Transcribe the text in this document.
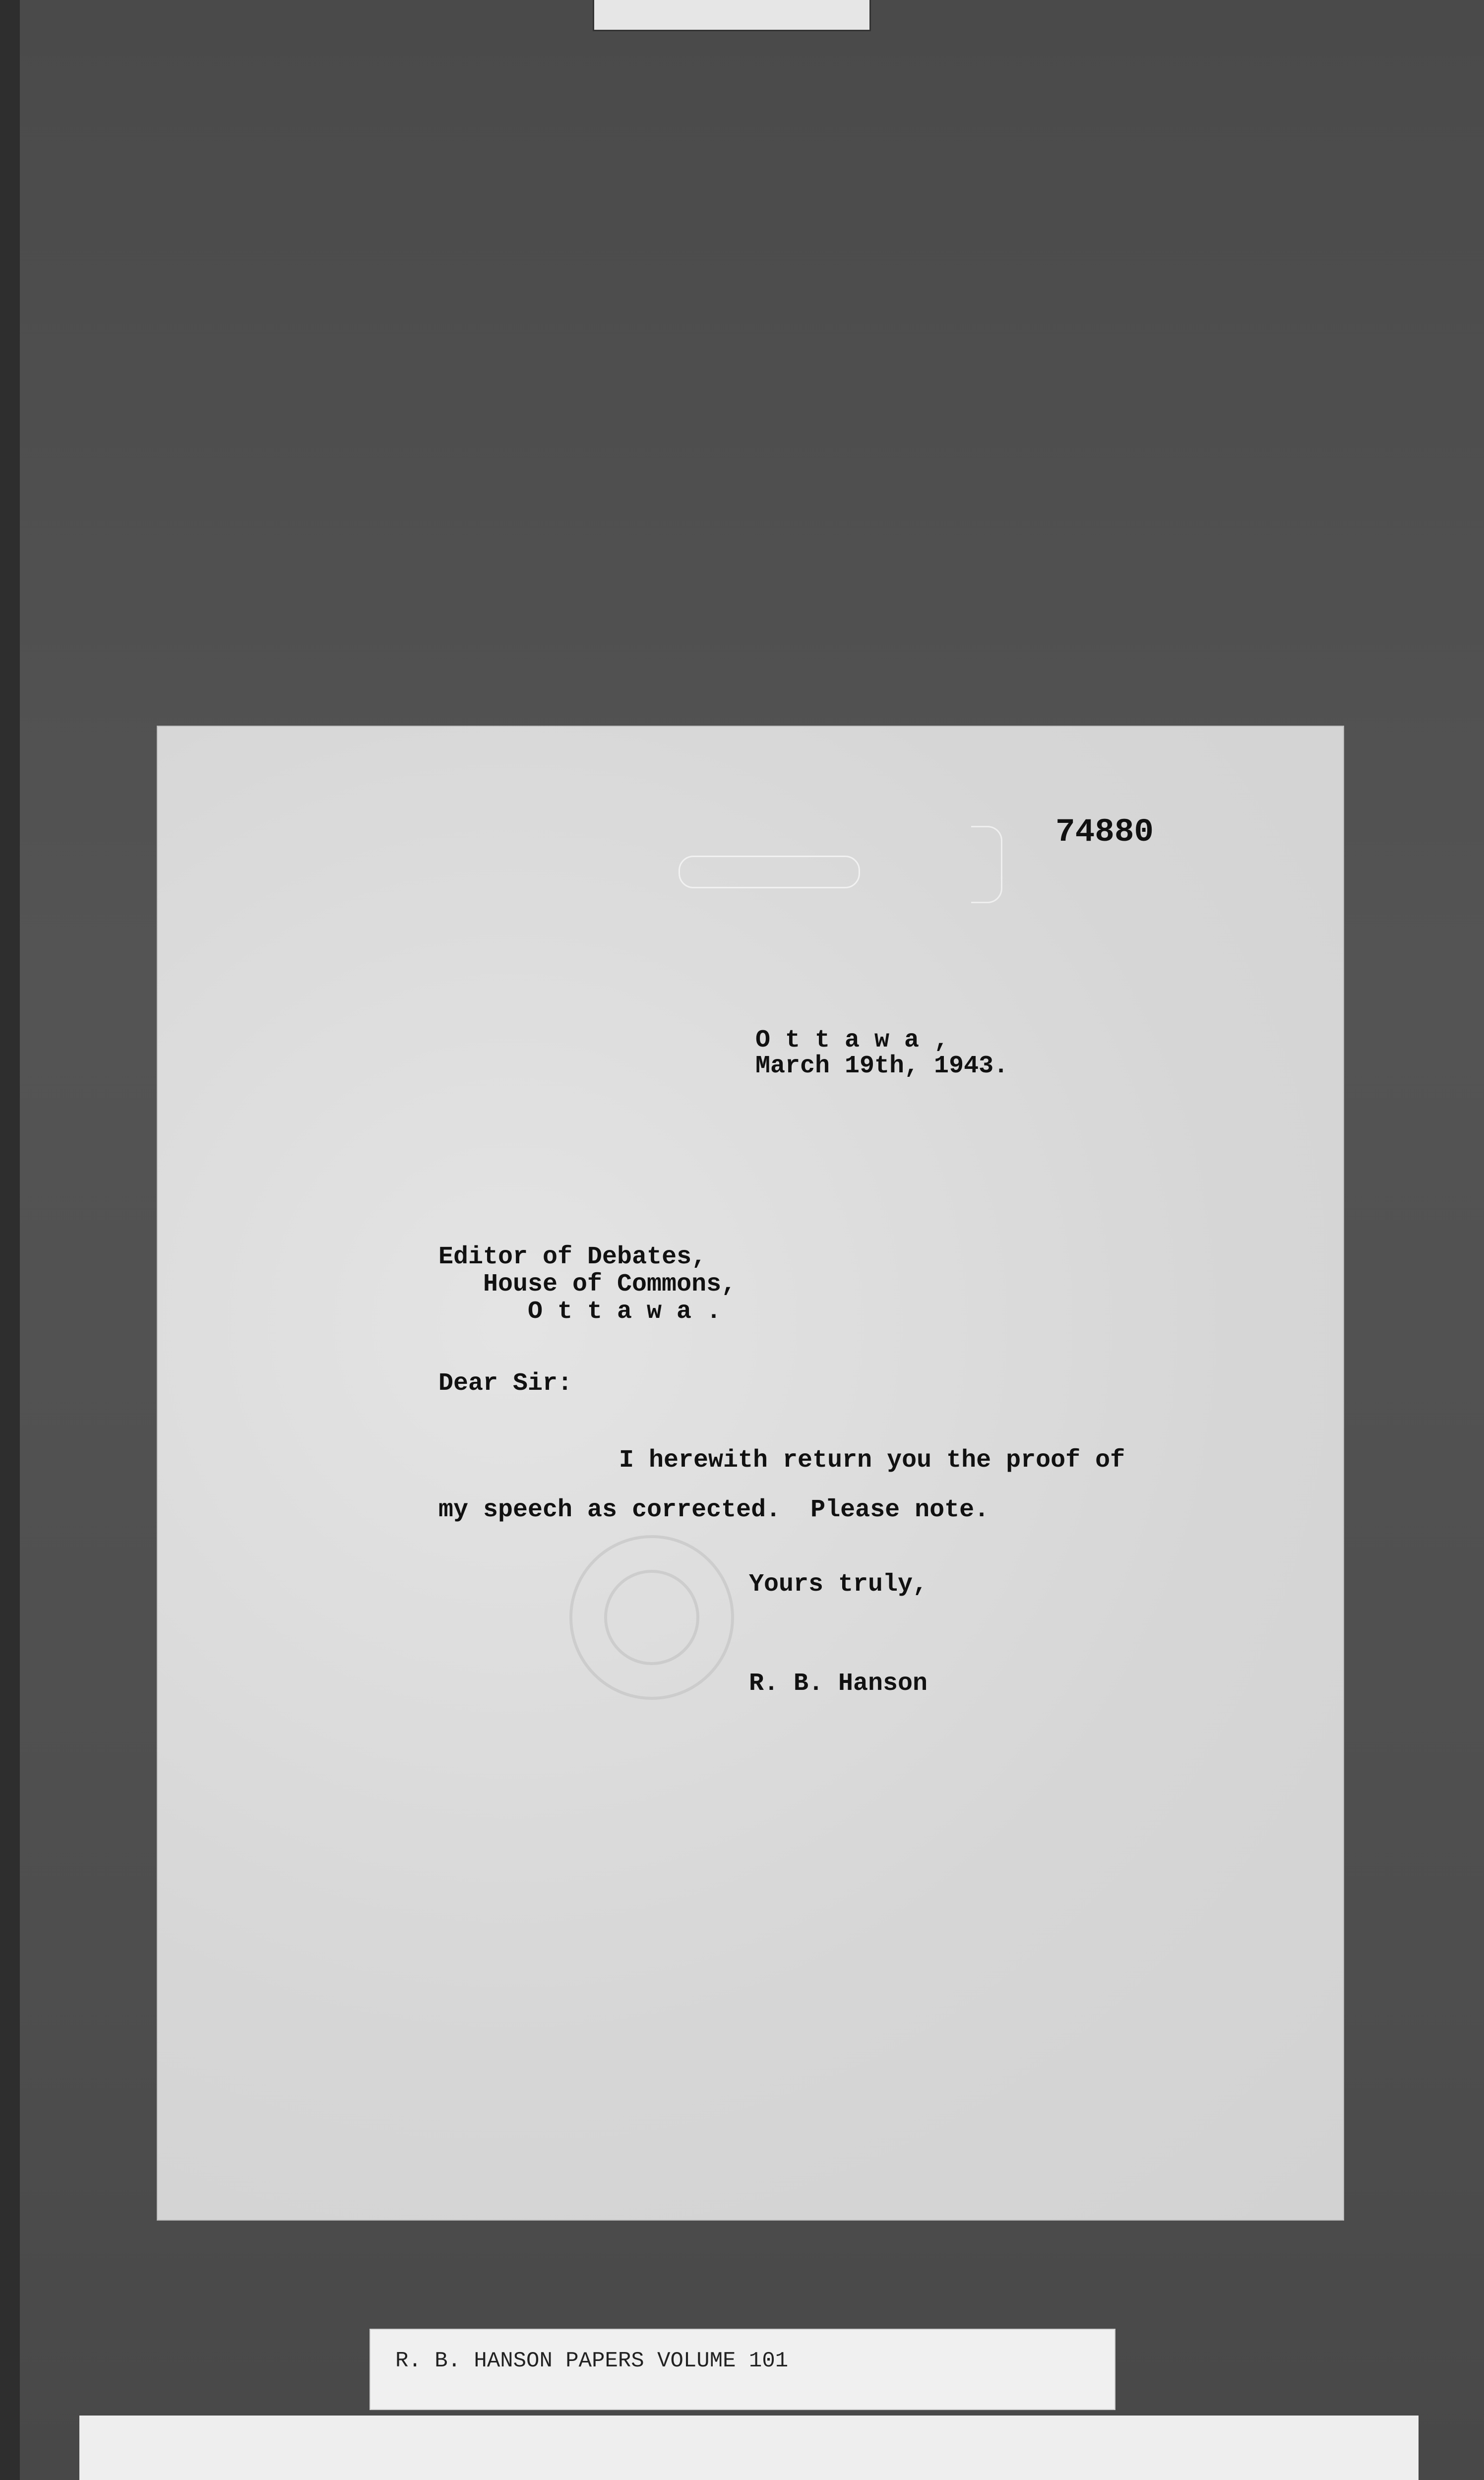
74880
O t t a w a ,
March 19th, 1943.
Editor of Debates,
House of Commons,
O t t a w a .
Dear Sir:
I herewith return you the proof of
my speech as corrected.  Please note.
Yours truly,
R. B. Hanson
R. B. HANSON PAPERS VOLUME 101
